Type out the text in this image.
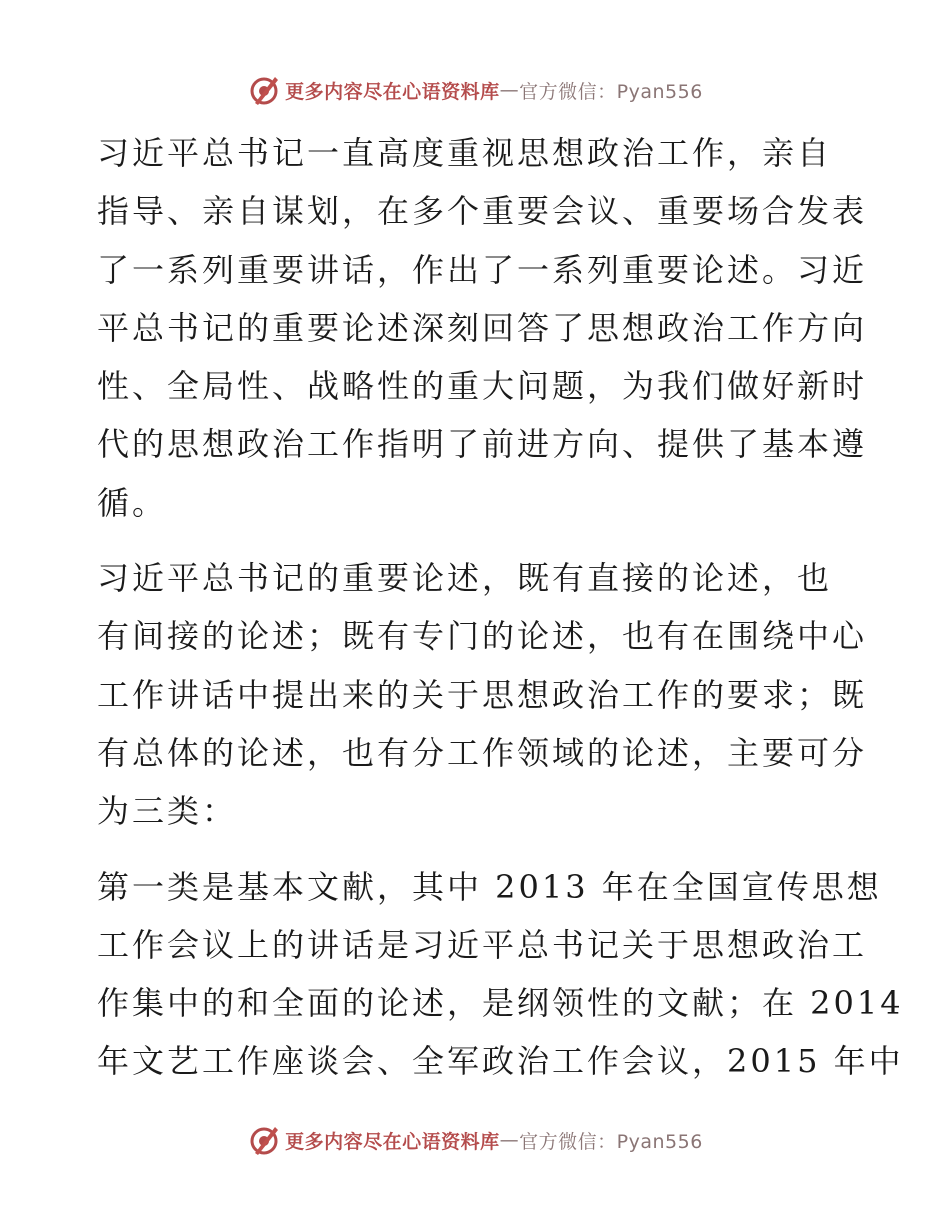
更多内容尽在心语资料库 — 官方微信：Pyan556

习近平总书记一直高度重视思想政治工作，亲自
指导、亲自谋划，在多个重要会议、重要场合发表
了一系列重要讲话，作出了一系列重要论述。习近
平总书记的重要论述深刻回答了思想政治工作方向
性、全局性、战略性的重大问题，为我们做好新时
代的思想政治工作指明了前进方向、提供了基本遵
循。

习近平总书记的重要论述，既有直接的论述，也
有间接的论述；既有专门的论述，也有在围绕中心
工作讲话中提出来的关于思想政治工作的要求；既
有总体的论述，也有分工作领域的论述，主要可分
为三类：

第一类是基本文献，其中 2013 年在全国宣传思想
工作会议上的讲话是习近平总书记关于思想政治工
作集中的和全面的论述，是纲领性的文献；在 2014
年文艺工作座谈会、全军政治工作会议，2015 年中

更多内容尽在心语资料库 — 官方微信：Pyan556
